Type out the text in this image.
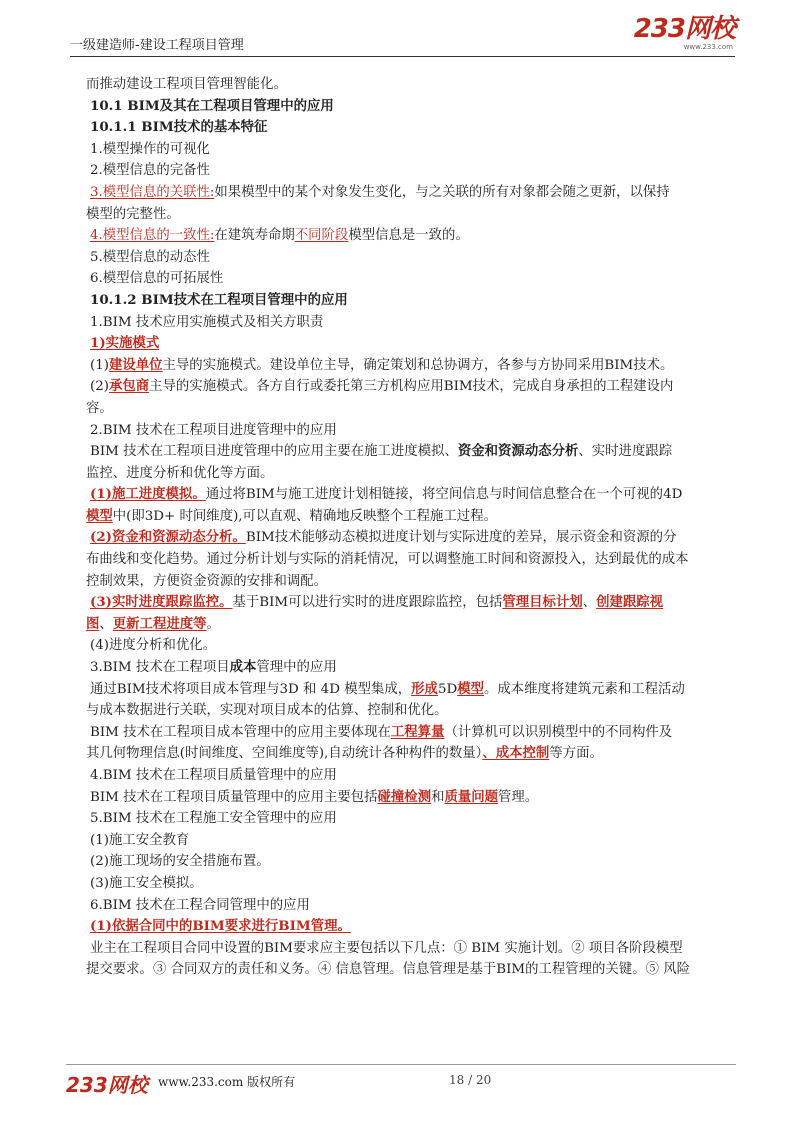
一级建造师-建设工程项目管理
233网校
www.233.com

而推动建设工程项目管理智能化。

10.1 BIM及其在工程项目管理中的应用

10.1.1 BIM技术的基本特征

1.模型操作的可视化

2.模型信息的完备性

3.模型信息的关联性:如果模型中的某个对象发生变化，与之关联的所有对象都会随之更新，以保持

模型的完整性。

4.模型信息的一致性:在建筑寿命期不同阶段模型信息是一致的。

5.模型信息的动态性

6.模型信息的可拓展性

10.1.2 BIM技术在工程项目管理中的应用

1.BIM 技术应用实施模式及相关方职责

1)实施模式

(1)建设单位主导的实施模式。建设单位主导，确定策划和总协调方，各参与方协同采用BIM技术。

(2)承包商主导的实施模式。各方自行或委托第三方机构应用BIM技术，完成自身承担的工程建设内

容。

2.BIM 技术在工程项目进度管理中的应用

BIM 技术在工程项目进度管理中的应用主要在施工进度模拟、资金和资源动态分析、实时进度跟踪

监控、进度分析和优化等方面。

(1)施工进度模拟。通过将BIM与施工进度计划相链接，将空间信息与时间信息整合在一个可视的4D

模型中(即3D+ 时间维度),可以直观、精确地反映整个工程施工过程。

(2)资金和资源动态分析。BIM技术能够动态模拟进度计划与实际进度的差异，展示资金和资源的分

布曲线和变化趋势。通过分析计划与实际的消耗情况，可以调整施工时间和资源投入，达到最优的成本

控制效果，方便资金资源的安排和调配。

(3)实时进度跟踪监控。基于BIM可以进行实时的进度跟踪监控，包括管理目标计划、创建跟踪视

图、更新工程进度等。

(4)进度分析和优化。

3.BIM 技术在工程项目成本管理中的应用

通过BIM技术将项目成本管理与3D 和 4D 模型集成，形成5D模型。成本维度将建筑元素和工程活动

与成本数据进行关联，实现对项目成本的估算、控制和优化。

BIM 技术在工程项目成本管理中的应用主要体现在工程算量（计算机可以识别模型中的不同构件及

其几何物理信息(时间维度、空间维度等),自动统计各种构件的数量）、成本控制等方面。

4.BIM 技术在工程项目质量管理中的应用

BIM 技术在工程项目质量管理中的应用主要包括碰撞检测和质量问题管理。

5.BIM 技术在工程施工安全管理中的应用

(1)施工安全教育

(2)施工现场的安全措施布置。

(3)施工安全模拟。

6.BIM 技术在工程合同管理中的应用

(1)依据合同中的BIM要求进行BIM管理。

业主在工程项目合同中设置的BIM要求应主要包括以下几点：① BIM 实施计划。② 项目各阶段模型

提交要求。③ 合同双方的责任和义务。④ 信息管理。信息管理是基于BIM的工程管理的关键。⑤ 风险

233网校 www.233.com 版权所有	18 / 20
